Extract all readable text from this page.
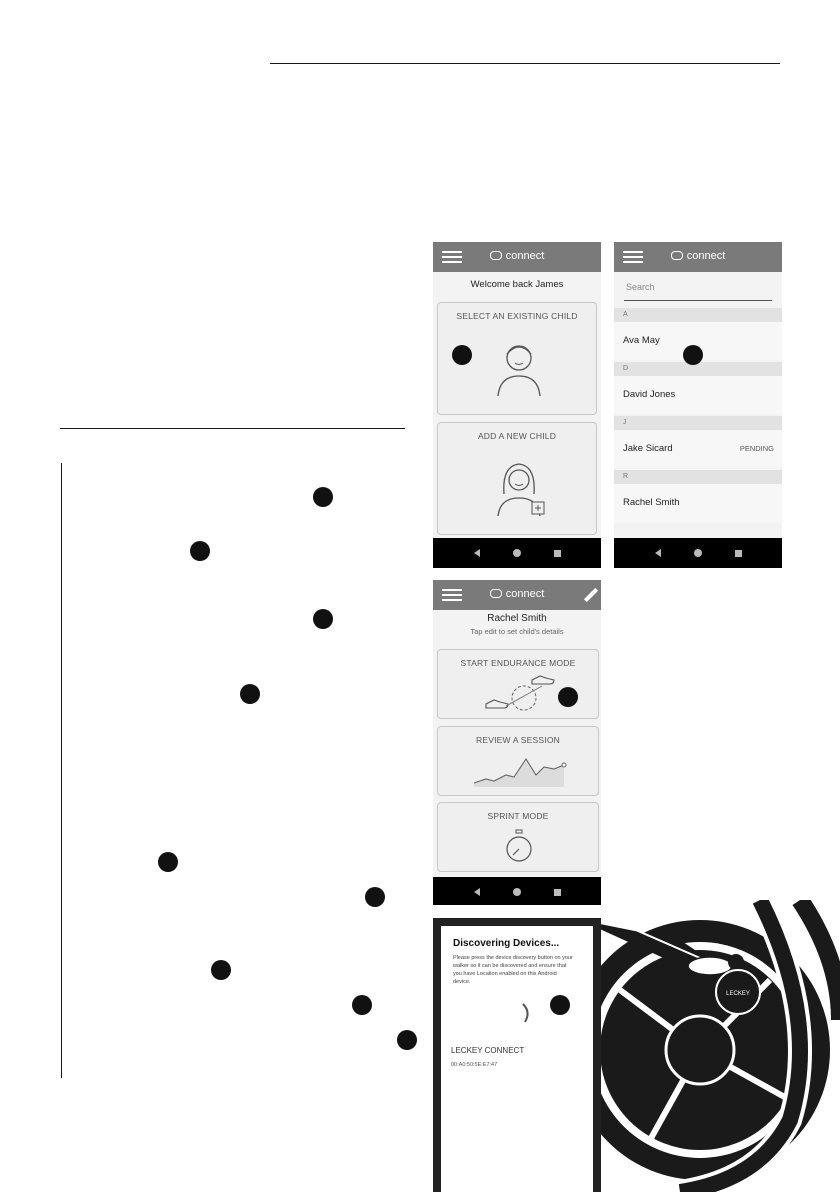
connect
Welcome back James
SELECT AN EXISTING CHILD
ADD A NEW CHILD
connect
Search
A
Ava May
D
David Jones
J
Jake Sicard	PENDING
R
Rachel Smith
connect
Rachel Smith
Tap edit to set child's details
START ENDURANCE MODE
REVIEW A SESSION
SPRINT MODE
LECKEY
Discovering Devices...
Please press the device discovery button on your walker so it can be discovered and ensure that you have Location enabled on this Android device.
LECKEY CONNECT
00:A0:50:5E:E7:47
